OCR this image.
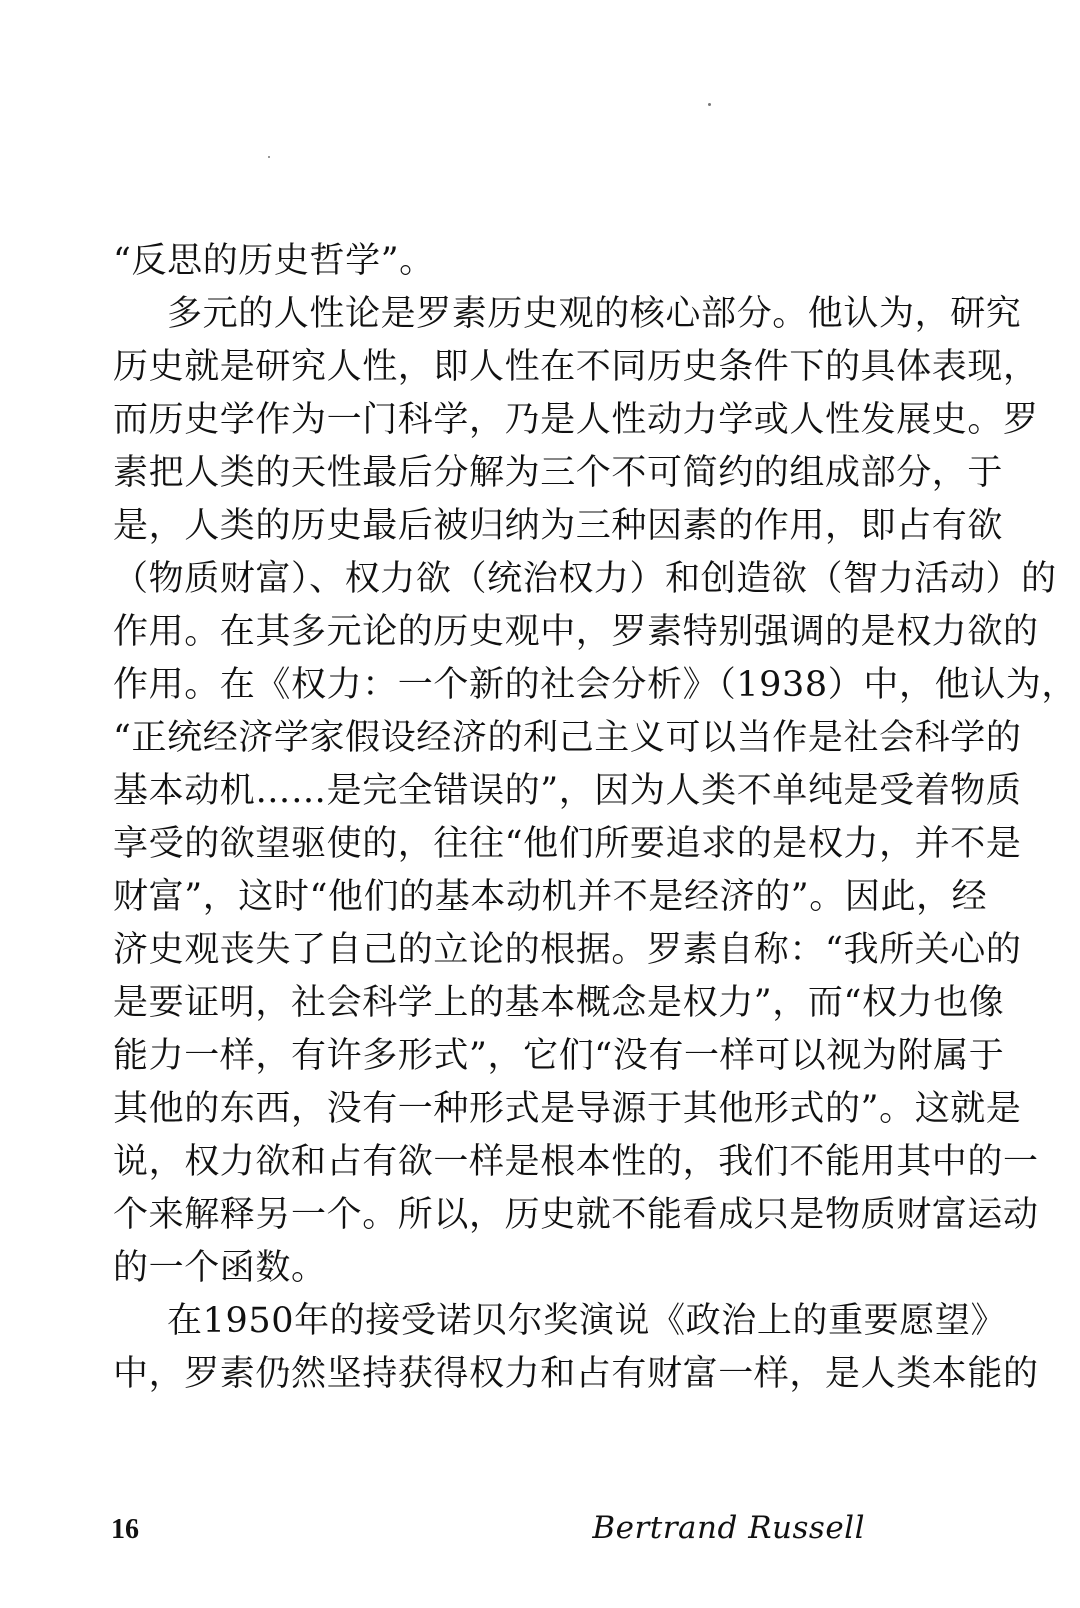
“反思的历史哲学”。
多元的人性论是罗素历史观的核心部分。他认为，研究
历史就是研究人性，即人性在不同历史条件下的具体表现，
而历史学作为一门科学，乃是人性动力学或人性发展史。罗
素把人类的天性最后分解为三个不可简约的组成部分，于
是，人类的历史最后被归纳为三种因素的作用，即占有欲
（物质财富）、权力欲（统治权力）和创造欲（智力活动）的
作用。在其多元论的历史观中，罗素特别强调的是权力欲的
作用。在《权力：一个新的社会分析》（1938）中，他认为，
“正统经济学家假设经济的利己主义可以当作是社会科学的
基本动机……是完全错误的”，因为人类不单纯是受着物质
享受的欲望驱使的，往往“他们所要追求的是权力，并不是
财富”，这时“他们的基本动机并不是经济的”。因此，经
济史观丧失了自己的立论的根据。罗素自称：“我所关心的
是要证明，社会科学上的基本概念是权力”，而“权力也像
能力一样，有许多形式”，它们“没有一样可以视为附属于
其他的东西，没有一种形式是导源于其他形式的”。这就是
说，权力欲和占有欲一样是根本性的，我们不能用其中的一
个来解释另一个。所以，历史就不能看成只是物质财富运动
的一个函数。
在1950年的接受诺贝尔奖演说《政治上的重要愿望》
中，罗素仍然坚持获得权力和占有财富一样，是人类本能的
16	Bertrand Russell
